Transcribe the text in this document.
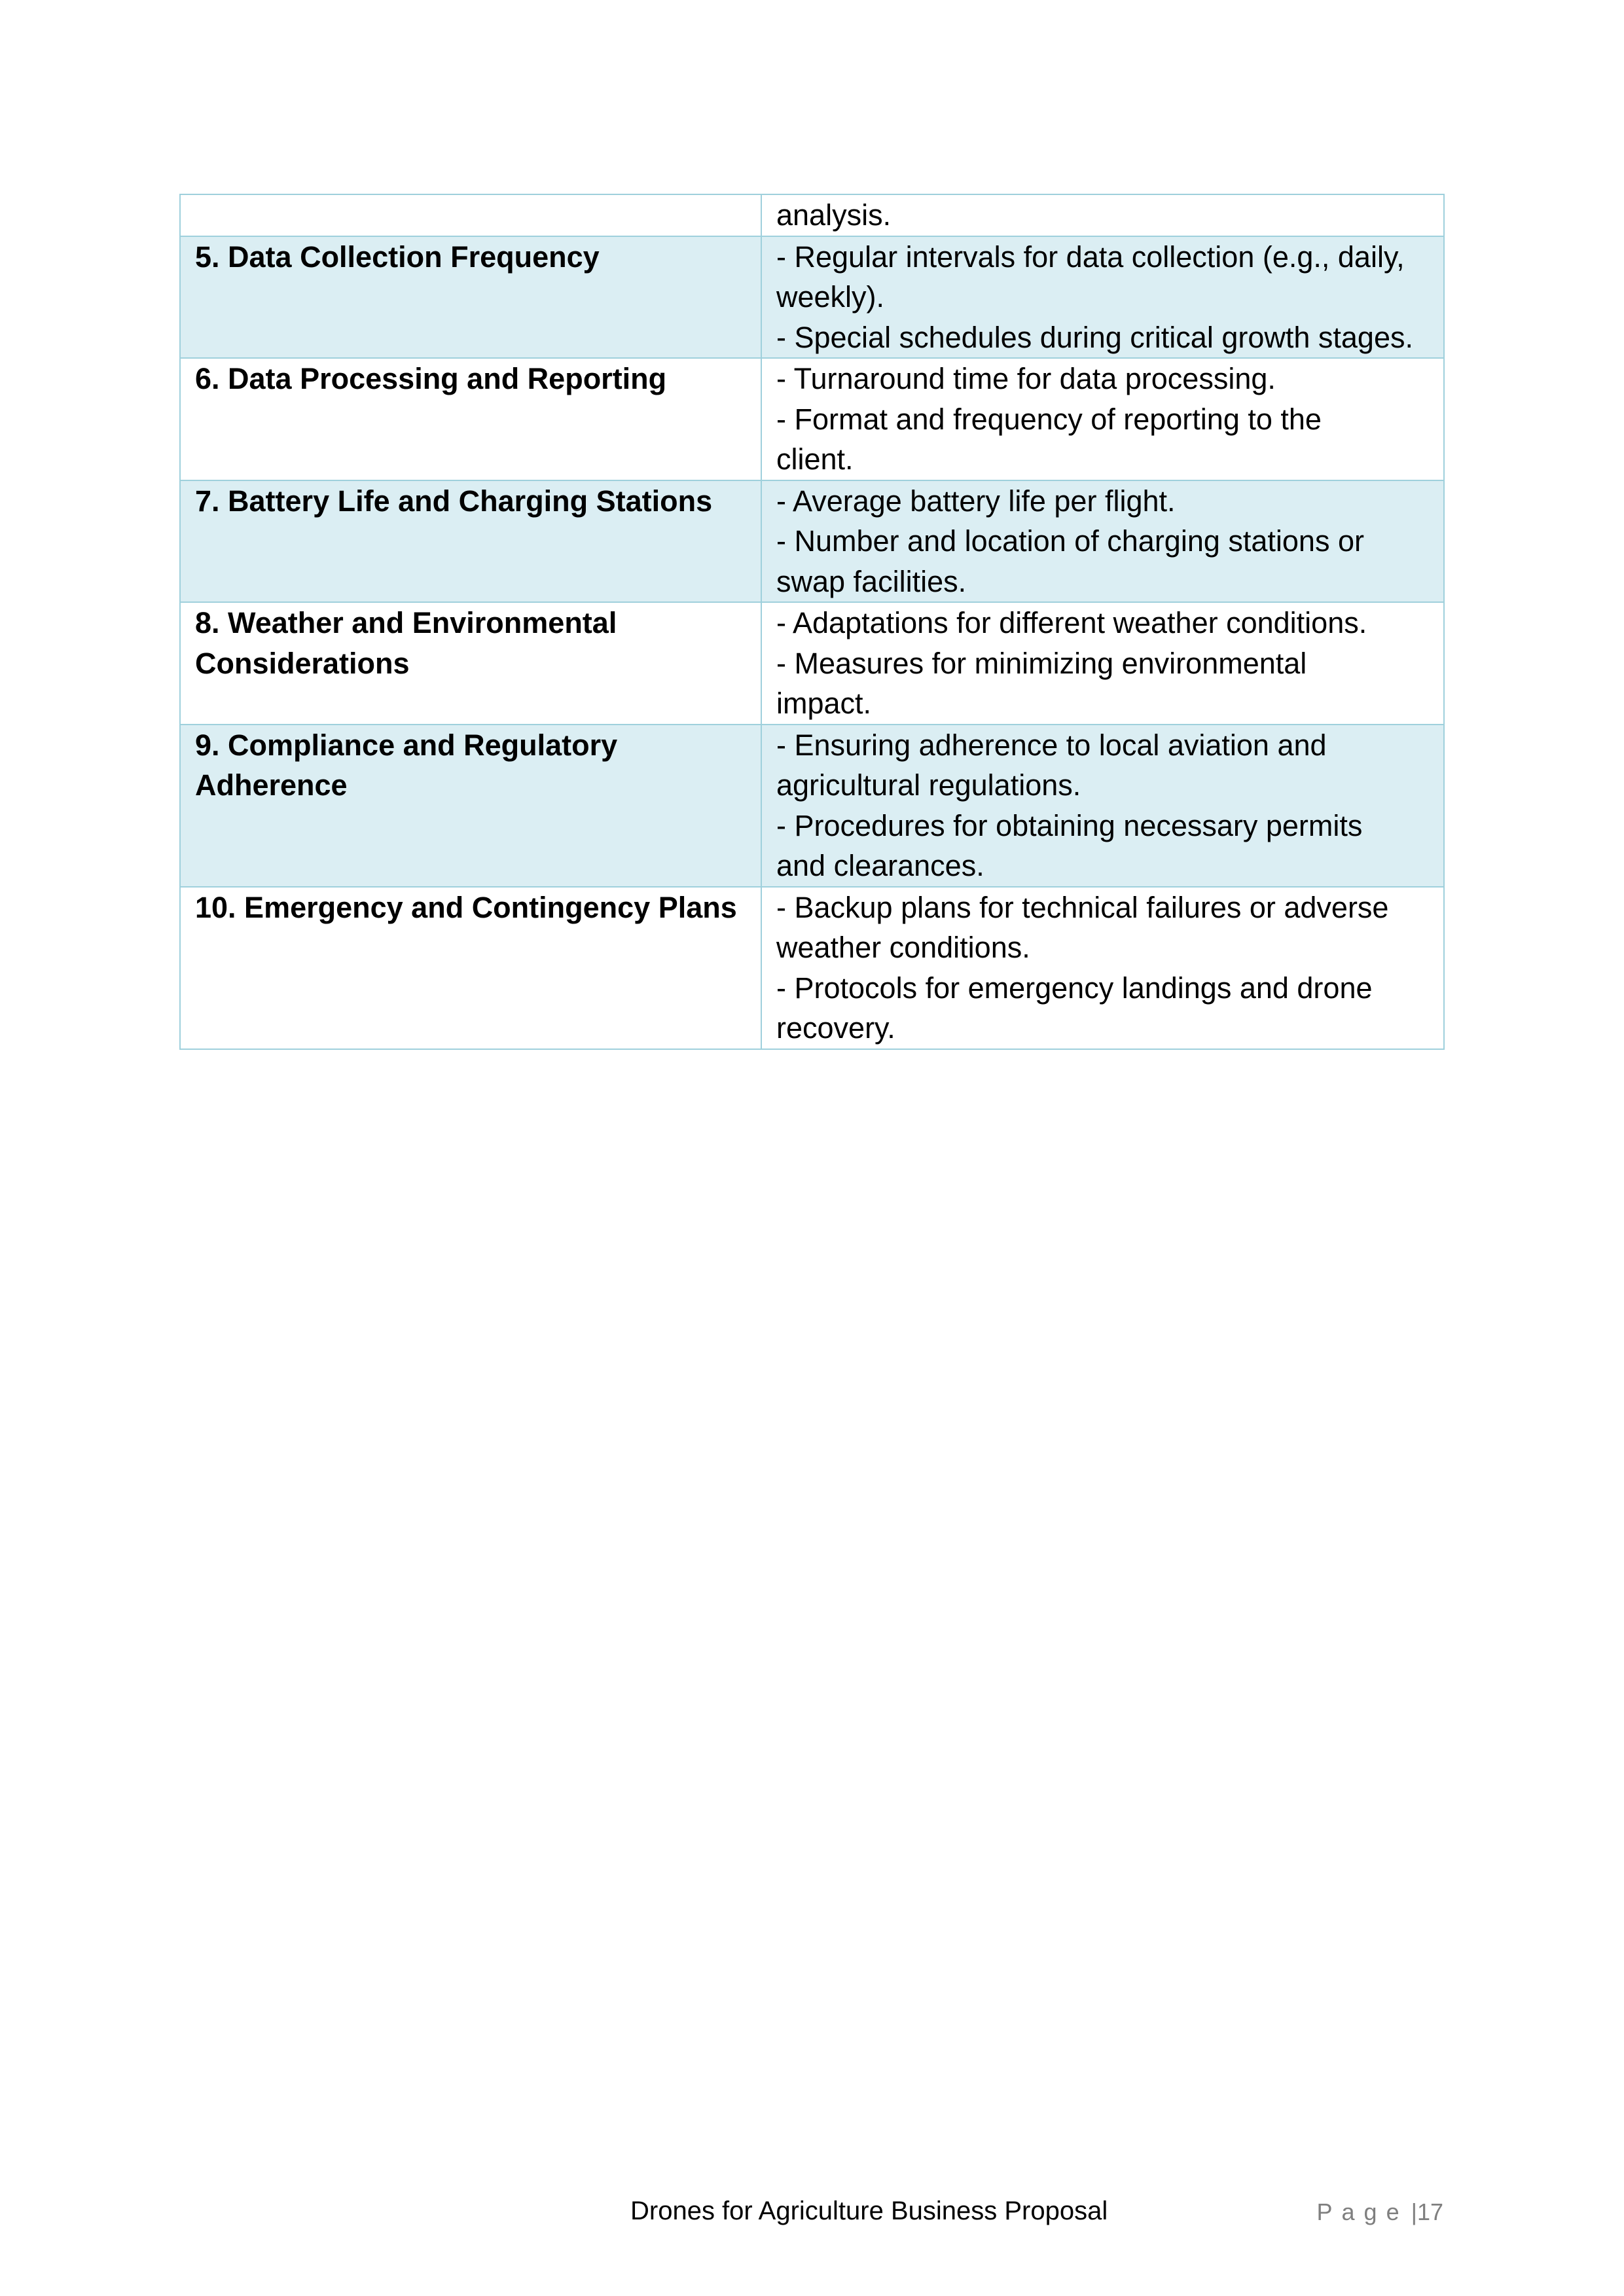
	analysis.

5. Data Collection Frequency	- Regular intervals for data collection (e.g., daily,
weekly).
- Special schedules during critical growth stages.

6. Data Processing and Reporting	- Turnaround time for data processing.
- Format and frequency of reporting to the
client.

7. Battery Life and Charging Stations	- Average battery life per flight.
- Number and location of charging stations or
swap facilities.

8. Weather and Environmental
Considerations	- Adaptations for different weather conditions.
- Measures for minimizing environmental
impact.

9. Compliance and Regulatory
Adherence	- Ensuring adherence to local aviation and
agricultural regulations.
- Procedures for obtaining necessary permits
and clearances.

10. Emergency and Contingency Plans	- Backup plans for technical failures or adverse
weather conditions.
- Protocols for emergency landings and drone
recovery.
Drones for Agriculture Business Proposal	Page |17
